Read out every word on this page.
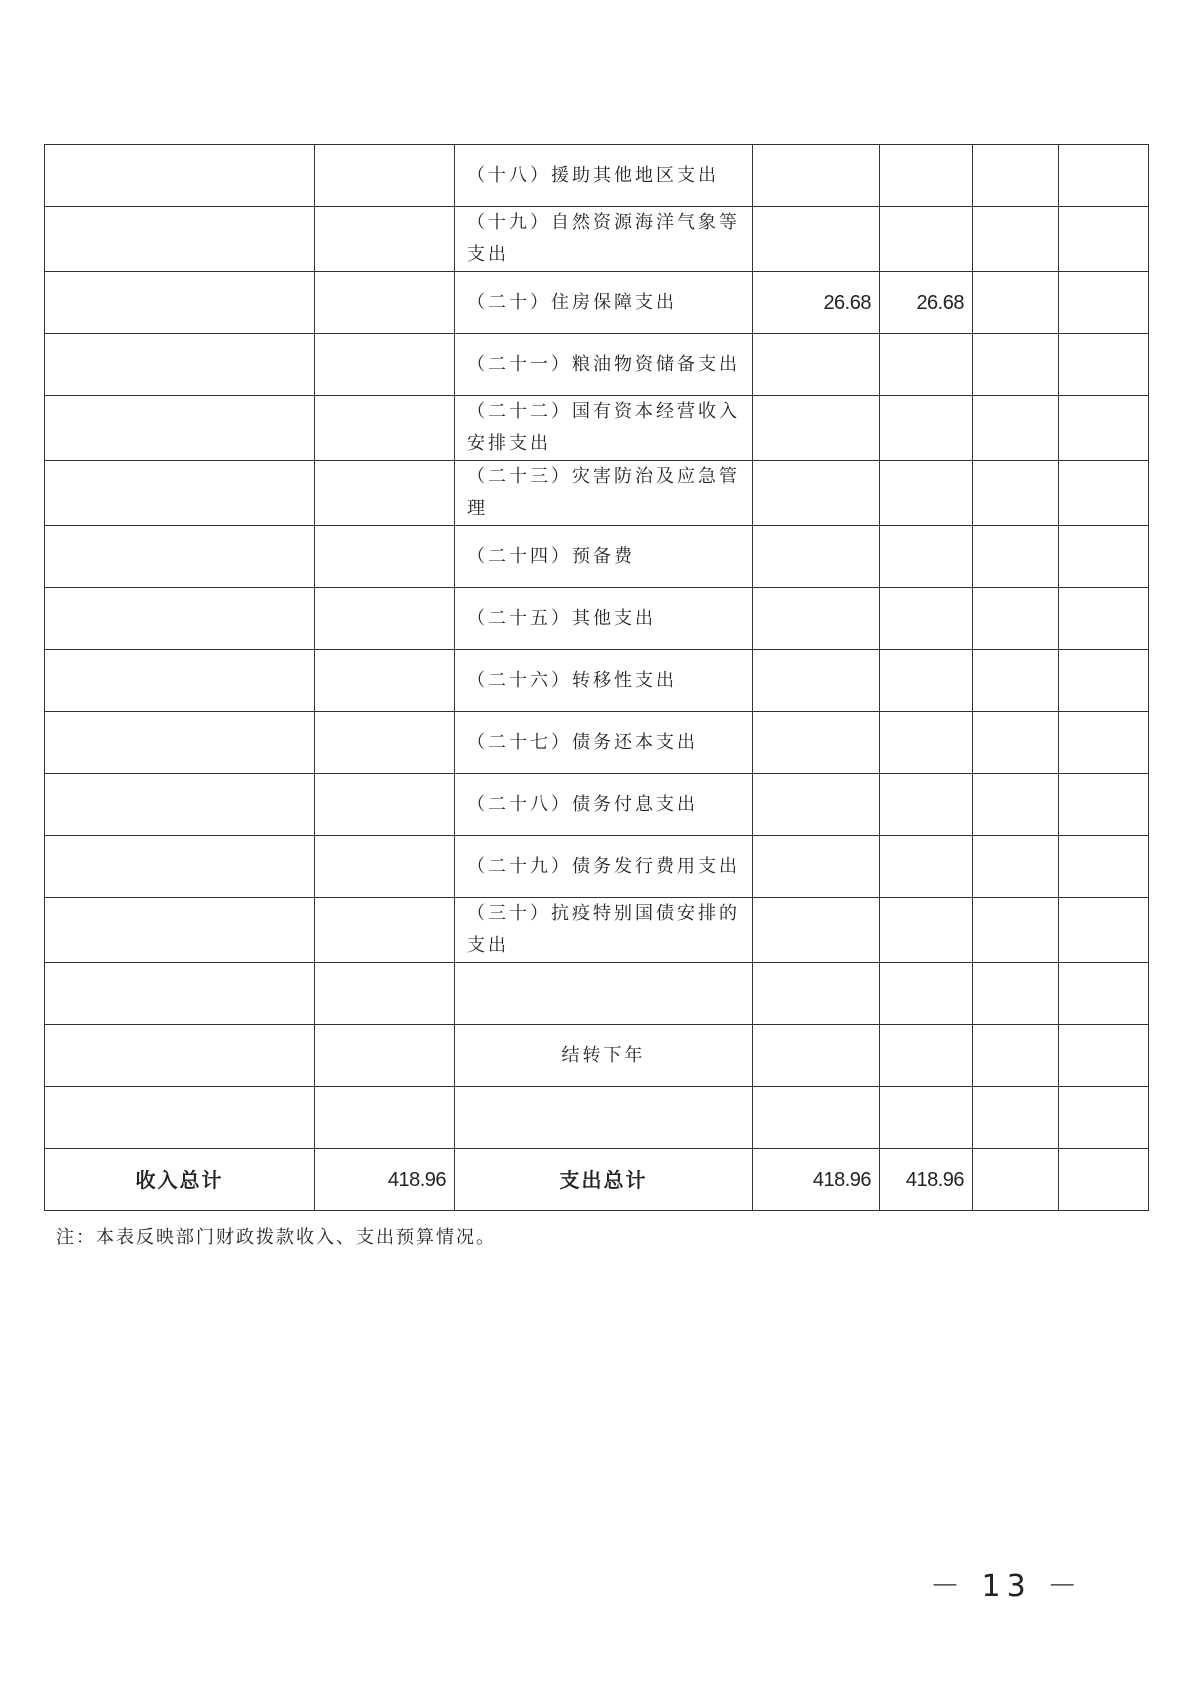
		（十八）援助其他地区支出				
		（十九）自然资源海洋气象等支出				
		（二十）住房保障支出	26.68	26.68		
		（二十一）粮油物资储备支出				
		（二十二）国有资本经营收入安排支出				
		（二十三）灾害防治及应急管理				
		（二十四）预备费				
		（二十五）其他支出				
		（二十六）转移性支出				
		（二十七）债务还本支出				
		（二十八）债务付息支出				
		（二十九）债务发行费用支出				
		（三十）抗疫特别国债安排的支出				

		结转下年				

收入总计	418.96	支出总计	418.96	418.96		
注：本表反映部门财政拨款收入、支出预算情况。
－ 13 －
